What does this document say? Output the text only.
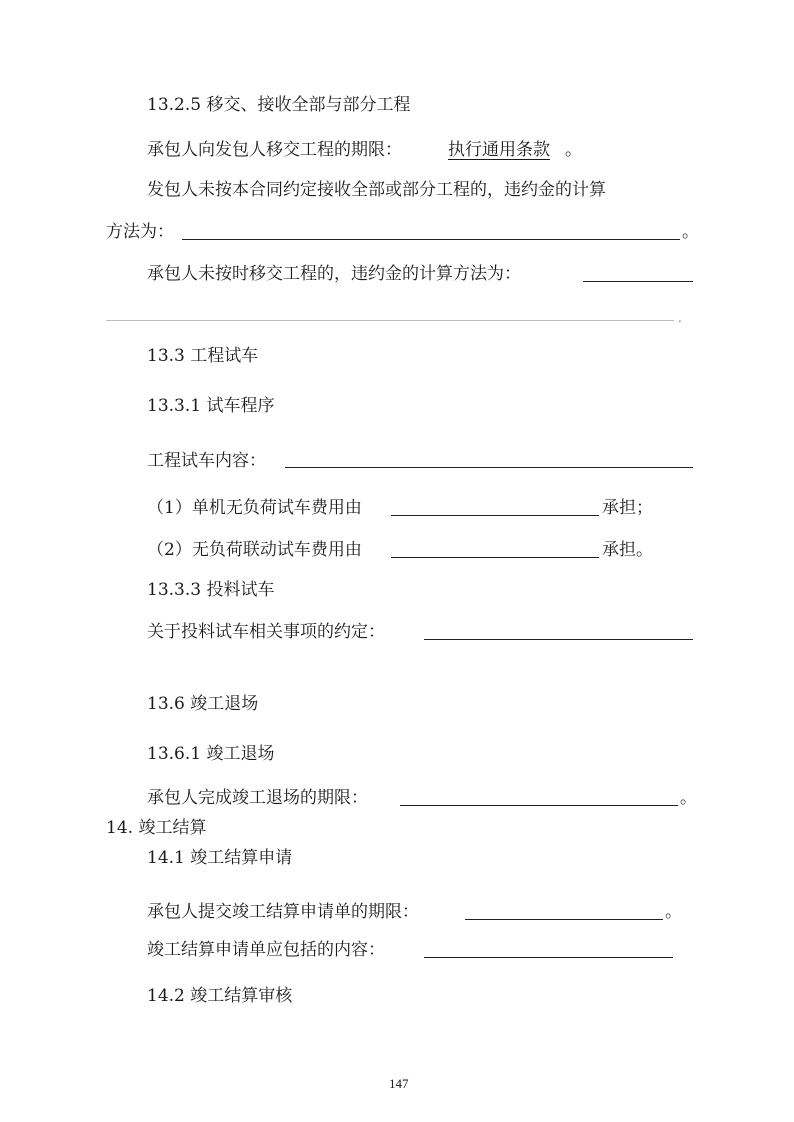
13.2.5 移交、接收全部与部分工程
承包人向发包人移交工程的期限：	执行通用条款 。
发包人未按本合同约定接收全部或部分工程的，违约金的计算
方法为：	。
承包人未按时移交工程的，违约金的计算方法为：
.
13.3 工程试车
13.3.1 试车程序
工程试车内容：
（1）单机无负荷试车费用由	承担；
（2）无负荷联动试车费用由	承担。
13.3.3 投料试车
关于投料试车相关事项的约定：
13.6 竣工退场
13.6.1 竣工退场
承包人完成竣工退场的期限：	。
14. 竣工结算
14.1 竣工结算申请
承包人提交竣工结算申请单的期限：	。
竣工结算申请单应包括的内容：
14.2 竣工结算审核
147
